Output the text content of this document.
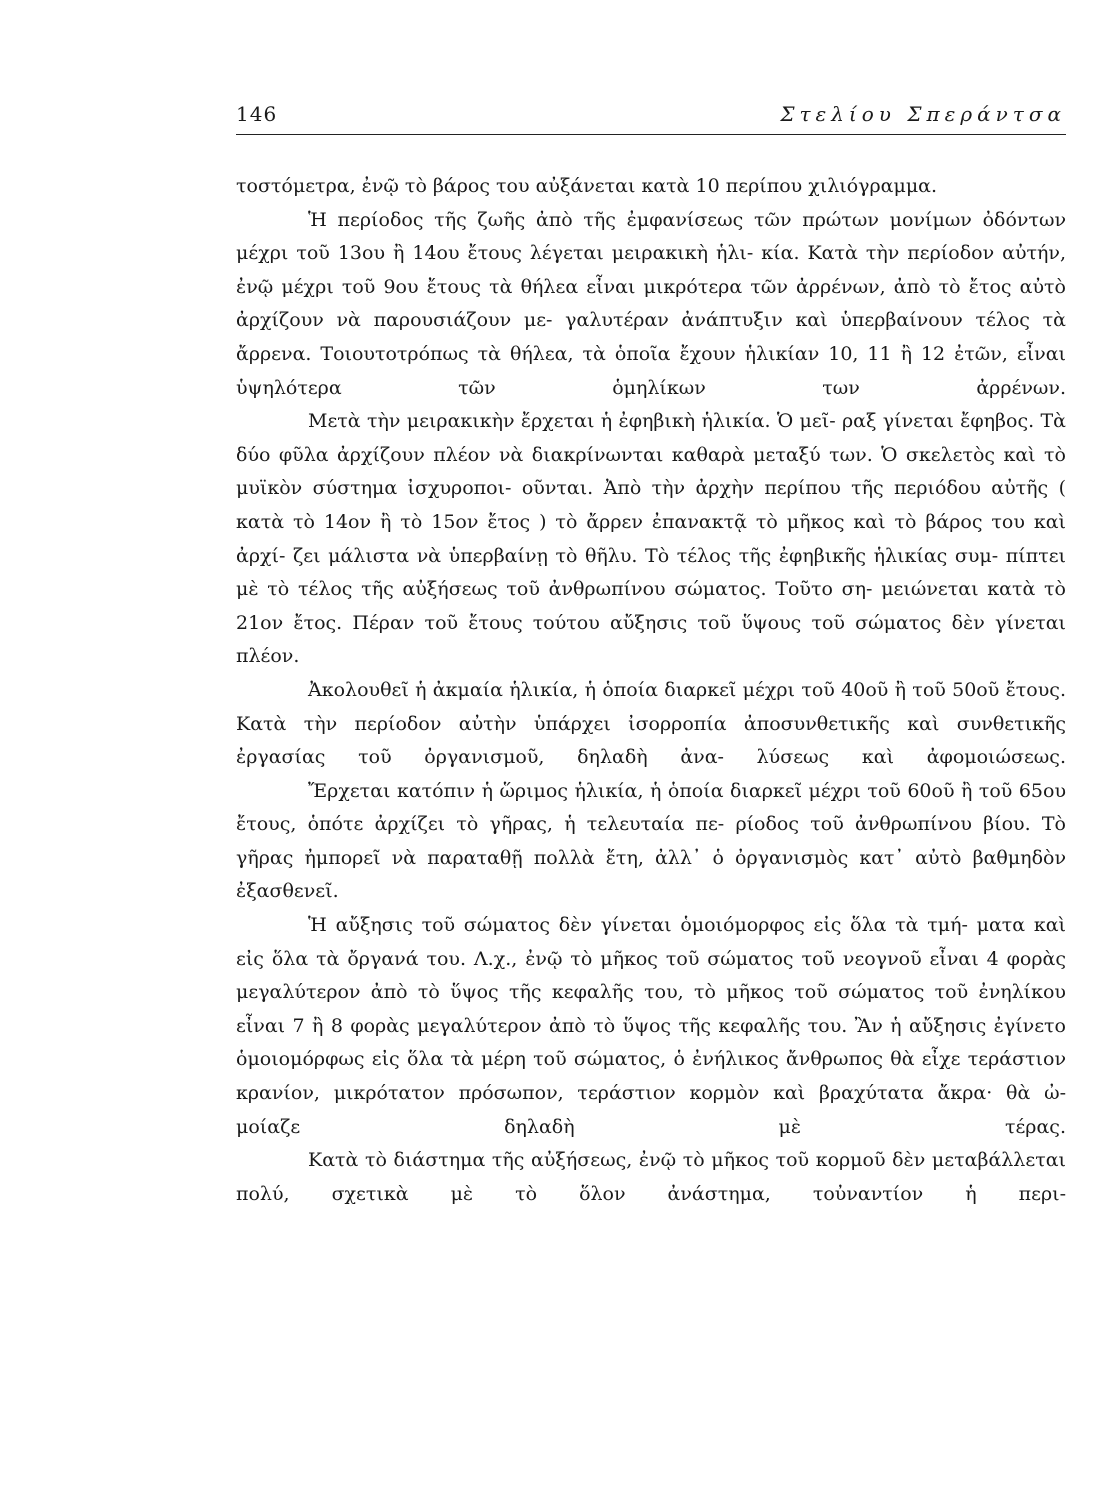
146	Στελίου Σπεράντσα

τοστόμετρα, ἐνῷ τὸ βάρος του αὐξάνεται κατὰ 10 περίπου χιλιόγραμμα.

Ἡ περίοδος τῆς ζωῆς ἀπὸ τῆς ἐμφανίσεως τῶν πρώτων μονίμων ὀδόντων μέχρι τοῦ 13ου ἢ 14ου ἔτους λέγεται μειρακικὴ ἡλι- κία. Κατὰ τὴν περίοδον αὐτήν, ἐνῷ μέχρι τοῦ 9ου ἔτους τὰ θήλεα εἶναι μικρότερα τῶν ἀρρένων, ἀπὸ τὸ ἔτος αὐτὸ ἀρχίζουν νὰ παρουσιάζουν με- γαλυτέραν ἀνάπτυξιν καὶ ὑπερβαίνουν τέλος τὰ ἄρρενα. Τοιουτοτρόπως τὰ θήλεα, τὰ ὁποῖα ἔχουν ἡλικίαν 10, 11 ἢ 12 ἐτῶν, εἶναι ὑψηλότερα τῶν	ὁμηλίκων των ἀρρένων.

Μετὰ τὴν μειρακικὴν ἔρχεται ἡ ἐφηβικὴ ἡλικία. Ὁ μεῖ- ραξ γίνεται ἔφηβος. Τὰ δύο φῦλα ἀρχίζουν πλέον νὰ διακρίνωνται καθαρὰ μεταξύ των. Ὁ σκελετὸς καὶ τὸ μυϊκὸν σύστημα ἰσχυροποι- οῦνται. Ἀπὸ τὴν ἀρχὴν περίπου τῆς περιόδου αὐτῆς ( κατὰ τὸ 14ον ἢ τὸ 15ον ἔτος ) τὸ ἄρρεν ἐπανακτᾷ τὸ μῆκος καὶ τὸ βάρος του καὶ ἀρχί- ζει μάλιστα νὰ ὑπερβαίνῃ τὸ θῆλυ. Τὸ τέλος τῆς ἐφηβικῆς ἡλικίας συμ- πίπτει μὲ τὸ τέλος τῆς αὐξήσεως τοῦ ἀνθρωπίνου σώματος. Τοῦτο ση- μειώνεται κατὰ τὸ 21ον ἔτος. Πέραν τοῦ ἔτους τούτου αὔξησις τοῦ ὕψους τοῦ σώματος δὲν γίνεται πλέον.

Ἀκολουθεῖ ἡ ἀκμαία ἡλικία, ἡ ὁποία διαρκεῖ μέχρι τοῦ 40οῦ ἢ τοῦ 50οῦ ἔτους. Κατὰ τὴν περίοδον αὐτὴν ὑπάρχει ἰσορροπία ἀποσυνθετικῆς καὶ συνθετικῆς ἐργασίας τοῦ ὀργανισμοῦ, δηλαδὴ ἀνα- λύσεως καὶ ἀφομοιώσεως.

Ἔρχεται κατόπιν ἡ ὥριμος ἡλικία, ἡ ὁποία διαρκεῖ μέχρι τοῦ 60οῦ ἢ τοῦ 65ου ἔτους, ὁπότε ἀρχίζει τὸ γῆρας, ἡ τελευταία πε- ρίοδος τοῦ ἀνθρωπίνου βίου. Τὸ γῆρας ἠμπορεῖ νὰ παραταθῇ πολλὰ ἔτη, ἀλλ᾽ ὁ ὀργανισμὸς κατ᾽ αὐτὸ βαθμηδὸν ἐξασθενεῖ.

Ἡ αὔξησις τοῦ σώματος δὲν γίνεται ὁμοιόμορφος εἰς ὅλα τὰ τμή- ματα καὶ εἰς ὅλα τὰ ὄργανά του. Λ.χ., ἐνῷ τὸ μῆκος τοῦ σώματος τοῦ νεογνοῦ εἶναι 4 φορὰς μεγαλύτερον ἀπὸ τὸ ὕψος τῆς κεφαλῆς του, τὸ μῆκος τοῦ σώματος τοῦ ἐνηλίκου εἶναι 7 ἢ 8 φορὰς μεγαλύτερον ἀπὸ τὸ ὕψος τῆς κεφαλῆς του. Ἂν ἡ αὔξησις ἐγίνετο ὁμοιομόρφως εἰς ὅλα τὰ μέρη τοῦ σώματος, ὁ ἐνήλικος ἄνθρωπος θὰ εἶχε τεράστιον κρανίον, μικρότατον πρόσωπον, τεράστιον κορμὸν καὶ βραχύτατα ἄκρα· θὰ ὠ- μοίαζε δηλαδὴ μὲ τέρας.

Κατὰ τὸ διάστημα τῆς αὐξήσεως, ἐνῷ τὸ μῆκος τοῦ κορμοῦ δὲν μεταβάλλεται πολύ, σχετικὰ μὲ τὸ ὅλον ἀνάστημα, τοὐναντίον ἡ περι-
